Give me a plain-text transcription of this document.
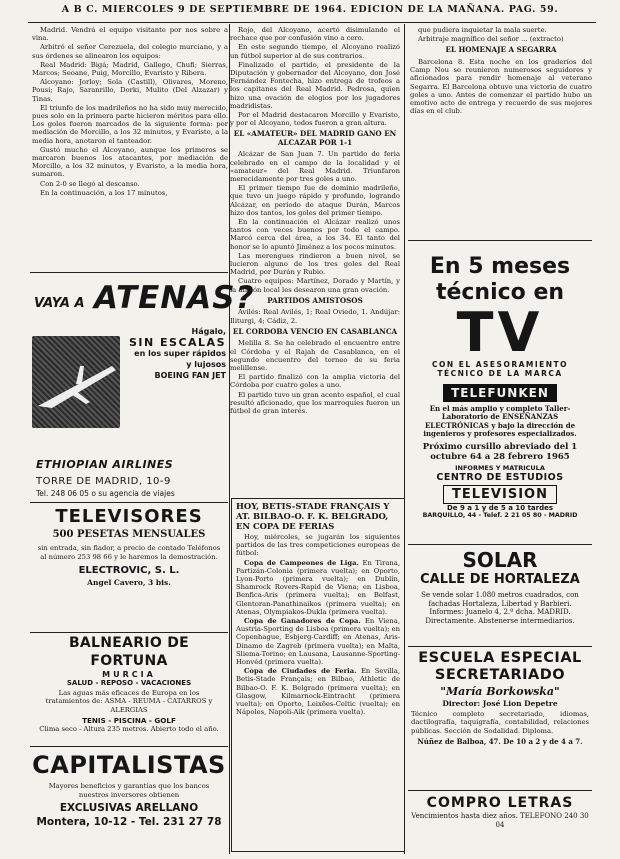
A B C. MIERCOLES 9 DE SEPTIEMBRE DE 1964. EDICION DE LA MAÑANA. PAG. 59.

Madrid. Vendrá el equipo visitante por nos sobre a vina.

Arbitró el señor Cerezuela, del colegio murciano, y a sus órdenes se alinearon los equipos:

Real Madrid: Bigá; Madrid, Gallego, Chufi; Sierras, Marcos; Seoane, Puig, Morcillo, Evaristo y Ribera.

Alcoyano: Jorloy; Sola (Castill), Olivares, Moreno, Pousi; Rajo, Saranrillo, Dorki, Mulito (Del Alzazar) y Tinas.

El triunfo de los madrileños no ha sido muy merecido, pues solo en la primera parte hicieron méritos para ello. Los goles fueron marcados de la siguiente forma: por mediación de Morcillo, a los 32 minutos, y Evaristo, a la media hora, anotaron el tanteador.

Gustó mucho el Alcoyano, aunque los primeros se marcaron buenos los atacantes, por mediación de Morcillo, a los 32 minutos, y Evaristo, a la media hora, sumaron.

Con 2-0 se llegó al descanso.

En la continuación, a los 17 minutos,

VAYA A ATENAS?
Hágalo,
SIN ESCALAS
en los super rápidos
y lujosos
BOEING FAN JET
ETHIOPIAN AIRLINES
TORRE DE MADRID, 10-9
Tel. 248 06 05 o su agencia de viajes
TELEVISORES
500 PESETAS MENSUALES
sin entrada, sin fiador, a precio de contado Teléfonos al número 253 98 66 y le haremos la demostración.
ELECTROVIC, S. L.
Angel Cavero, 3 bis.
BALNEARIO DE FORTUNA
MURCIA
SALUD - REPOSO - VACACIONES
Las aguas más eficaces de Europa en los tratamientos de: ASMA - REUMA - CATARROS y ALERGIAS
TENIS - PISCINA - GOLF
Clima seco - Altura 235 metros. Abierto todo el año.
CAPITALISTAS
Mayores beneficios y garantías que los bancos nuestros inversores obtienen
EXCLUSIVAS ARELLANO
Montera, 10-12 - Tel. 231 27 78

Rojo, del Alcoyano, acertó disimulando el rechace que por confusión vino a cero.

En este segundo tiempo, el Alcoyano realizó un fútbol superior al de sus contrarios.

Finalizado el partido, el presidente de la Diputación y gobernador del Alcoyano, don José Fernández Fontecha, hizo entrega de trofeos a los capitanes del Real Madrid. Pedrosa, quien hizo una ovación de elogios por los jugadores madridistas.

Por el Madrid destacaron Morcillo y Evaristo, y por el Alcoyano, todos fueron a gran altura.

EL «AMATEUR» DEL MADRID GANO EN ALCAZAR POR 1-1

Alcázar de San Juan 7. Un partido de feria celebrado en el campo de la localidad y el «amateur» del Real Madrid. Triunfaron merecidamente por tres goles a uno.

El primer tiempo fue de dominio madrileño, que tuvo un juego rápido y profundo, logrando Alcázar, en período de ataque Durán, Marcos hizo dos tantos, los goles del primer tiempo.

En la continuación el Alcázar realizó unos tantos con veces buenos por todo el campo. Marcó cerca del área, a los 34. El tanto del honor se lo apuntó Jiménez a los pocos minutos.

Las merengues rindieron a buen nivel, se lucieron alguno de los tres goles del Real Madrid, por Durán y Rubio.

Cuatro equipos: Martínez, Dorado y Martín, y la afición local les desearon una gran ovación.

PARTIDOS AMISTOSOS

Avilés: Real Avilés, 1; Real Oviedo, 1. Andújar: Iliturgi, 4; Cádiz, 2.

EL CORDOBA VENCIO EN CASABLANCA

Melilla 8. Se ha celebrado el encuentro entre el Córdoba y el Rajah de Casablanca, en el segundo encuentro del torneo de su feria melillense.

El partido finalizó con la amplia victoria del Córdoba por cuatro goles a uno.

El partido tuvo un gran acento español, el cual resultó aficionado, que los marroquíes fueron un fútbol de gran interés.

HOY, BETIS-STADE FRANÇAIS Y AT. BILBAO-O. F. K. BELGRADO, EN COPA DE FERIAS

Hoy, miércoles, se jugarán los siguientes partidos de las tres competiciones europeas de fútbol:

Copa de Campeones de Liga. En Tirana, Partizán-Colonia (primera vuelta); en Oporto, Lyon-Porto (primera vuelta); en Dublín, Shamrock Rovers-Rapid de Viena; en Lisboa, Benfica-Aris (primera vuelta); en Belfast, Glentoran-Panathinaikos (primera vuelta); en Atenas, Olympiakos-Dukla (primera vuelta).

Copa de Ganadores de Copa. En Viena, Austria-Sporting de Lisboa (primera vuelta); en Copenhague, Esbjerg-Cardiff; en Atenas, Aris-Dinamo de Zagreb (primera vuelta); en Malta, Sliema-Torino; en Lausana, Lausanne-Sporting-Honvéd (primera vuelta).

Copa de Ciudades de Feria. En Sevilla, Betis-Stade Français; en Bilbao, Athletic de Bilbao-O. F. K. Belgrado (primera vuelta); en Glasgow, Kilmarnock-Eintracht (primera vuelta); en Oporto, Leixões-Celtic (vuelta); en Nápoles, Napoli-Aik (primera vuelta).

que pudiera inquietar la mala suerte.

Arbitraje magnífico del señor ... (extracto)

EL HOMENAJE A SEGARRA

Barcelona 8. Esta noche en los graderíos del Camp Nou se reunieron numerosos seguidores y aficionados para rendir homenaje al veterano Segarra. El Barcelona obtuvo una victoria de cuatro goles a uno. Antes de comenzar el partido hubo un emotivo acto de entrega y recuerdo de sus mejores días en el club.

En 5 meses
técnico en
TV
CON EL ASESORAMIENTO
TÉCNICO DE LA MARCA
TELEFUNKEN
En el más amplio y completo Taller-Laboratorio de ENSEÑANZAS ELECTRÓNICAS y bajo la dirección de ingenieros y profesores especializados.
Próximo cursillo abreviado del 1 octubre 64 a 28 febrero 1965
INFORMES Y MATRICULA
CENTRO DE ESTUDIOS
TELEVISION
De 9 a 1 y de 5 a 10 tardes
BARQUILLO, 44 - Telef. 2 21 05 80 - MADRID
SOLAR
CALLE DE HORTALEZA
Se vende solar 1.080 metros cuadrados, con fachadas Hortaleza, Libertad y Barbieri. Informes: Juanelo 4, 2.º dcha. MADRID. Directamente. Abstenerse intermediarios.
ESCUELA ESPECIAL
SECRETARIADO
"María Borkowska"
Director: José Lion Depetre
Técnico completo secretariado, idiomas, dactilografía, taquigrafía, contabilidad, relaciones públicas. Sección de Sodalidad. Diploma.
Núñez de Balboa, 47. De 10 a 2 y de 4 a 7.
COMPRO LETRAS
Vencimientos hasta diez años. TELEFONO 240 30 04
